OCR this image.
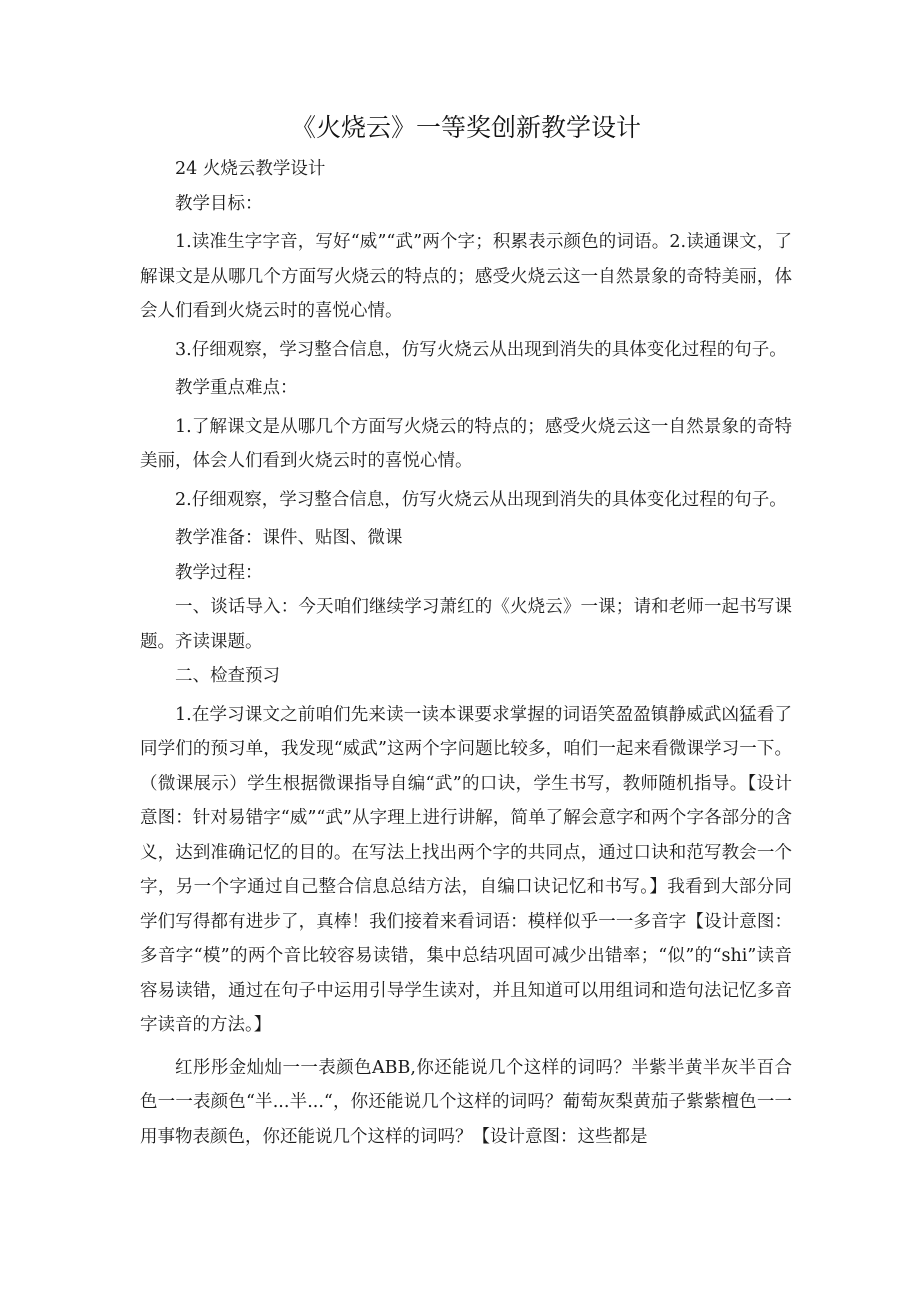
《火烧云》一等奖创新教学设计

24 火烧云教学设计

教学目标：

1.读准生字字音，写好“威”“武”两个字；积累表示颜色的词语。2.读通课文，了解课文是从哪几个方面写火烧云的特点的；感受火烧云这一自然景象的奇特美丽，体会人们看到火烧云时的喜悦心情。

3.仔细观察，学习整合信息，仿写火烧云从出现到消失的具体变化过程的句子。

教学重点难点：

1.了解课文是从哪几个方面写火烧云的特点的；感受火烧云这一自然景象的奇特美丽，体会人们看到火烧云时的喜悦心情。

2.仔细观察，学习整合信息，仿写火烧云从出现到消失的具体变化过程的句子。

教学准备：课件、贴图、微课

教学过程：

一、谈话导入：今天咱们继续学习萧红的《火烧云》一课；请和老师一起书写课题。齐读课题。

二、检查预习

1.在学习课文之前咱们先来读一读本课要求掌握的词语笑盈盈镇静威武凶猛看了同学们的预习单，我发现“威武”这两个字问题比较多，咱们一起来看微课学习一下。（微课展示）学生根据微课指导自编“武”的口诀，学生书写，教师随机指导。【设计意图：针对易错字“威”“武”从字理上进行讲解，简单了解会意字和两个字各部分的含义，达到准确记忆的目的。在写法上找出两个字的共同点，通过口诀和范写教会一个字，另一个字通过自己整合信息总结方法，自编口诀记忆和书写。】我看到大部分同学们写得都有进步了，真棒！我们接着来看词语：模样似乎一一多音字【设计意图：多音字“模”的两个音比较容易读错，集中总结巩固可减少出错率；“似”的“shi”读音容易读错，通过在句子中运用引导学生读对，并且知道可以用组词和造句法记忆多音字读音的方法。】

红彤彤金灿灿一一表颜色ABB,你还能说几个这样的词吗？半紫半黄半灰半百合色一一表颜色“半...半...“，你还能说几个这样的词吗？葡萄灰梨黄茄子紫紫檀色一一用事物表颜色，你还能说几个这样的词吗？【设计意图：这些都是
